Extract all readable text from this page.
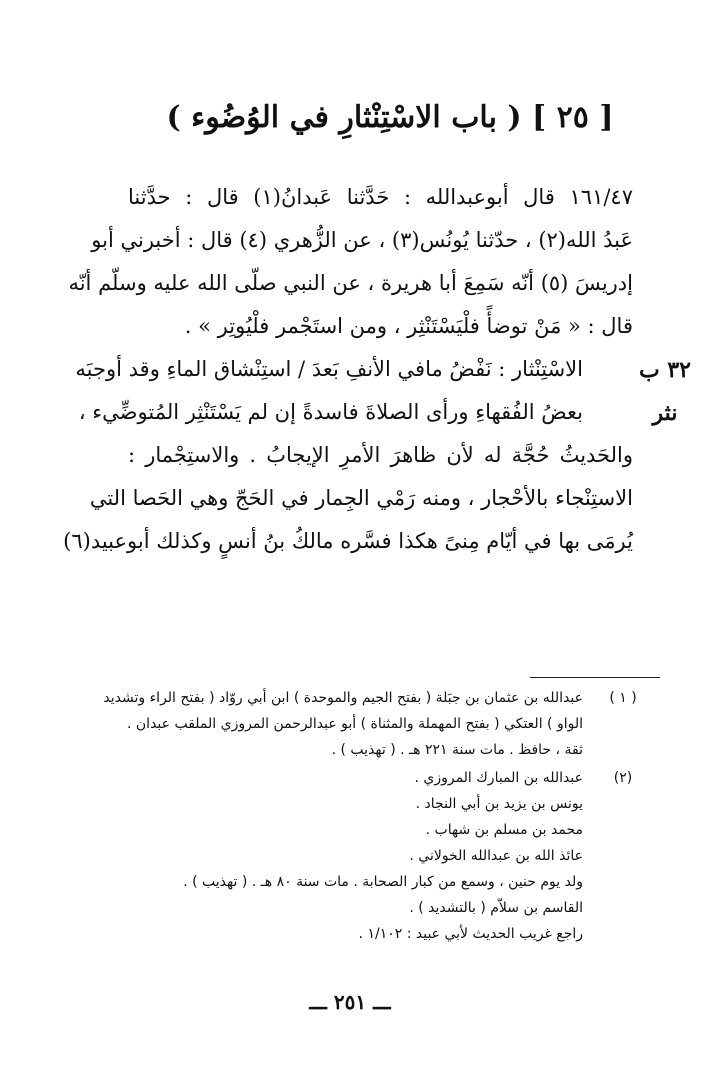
[ ٢٥ ] ( باب الاسْتِنْثارِ في الوُضُوء )
١٦١/٤٧ قال أبوعبدالله : حَدَّثنا عَبدانُ(١) قال : حدَّثنا
عَبدُ الله(٢) ، حدّثنا يُونُس(٣) ، عن الزُّهري (٤) قال : أخبرني أبو
إدريسَ (٥) أنّه سَمِعَ أبا هريرة ، عن النبي صلّى الله عليه وسلّم أنّه
قال : « مَنْ توضأً فلْيَسْتَنْثِر ، ومن استَجْمر فلْيُوتِر » .
٣٢ ب
نثر
الاسْتِنْثار : نَفْضُ مافي الأنفِ بَعدَ / استِنْشاق الماءِ وقد أوجبَه
بعضُ الفُقهاءِ ورأى الصلاةَ فاسدةً إن لم يَسْتَنْثِر المُتوضِّيء ،
والحَديثُ حُجَّة له لأن ظاهرَ الأمرِ الإيجابُ . والاستِجْمار :
الاستِنْجاء بالأحْجار ، ومنه رَمْي الجِمار في الحَجّ وهي الحَصا التي
يُرمَى بها في أيّام مِنىً هكذا فسَّره مالكُ بنُ أنسٍ وكذلك أبوعبيد(٦)
( ١ )
عبدالله بن عثمان بن جبَلة ( بفتح الجيم والموحدة ) ابن أبي روّاد ( بفتح الراء وتشديد
الواو ) العتكي ( بفتح المهملة والمثناة ) أبو عبدالرحمن المروزي الملقب عبدان .
ثقة ، حافظ . مات سنة ٢٢١ هـ . ( تهذيب ) .
(٢)
عبدالله بن المبارك المروزي .
يونس بن يزيد بن أبي النجاد .
محمد بن مسلم بن شهاب .
عائذ الله بن عبدالله الخولاني .
ولد يوم حنين ، وسمع من كبار الصحابة . مات سنة ٨٠ هـ . ( تهذيب ) .
القاسم بن سلاّم ( بالتشديد ) .
راجع غريب الحديث لأبي عبيد : ١/١٠٢ .
ـــ ٢٥١ ـــ
